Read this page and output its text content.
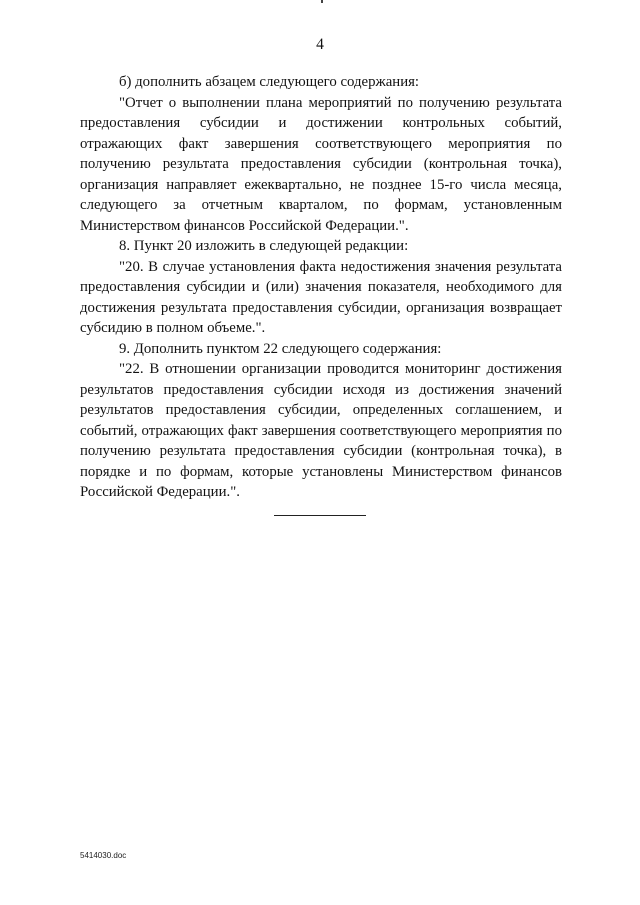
4

б) дополнить абзацем следующего содержания:

"Отчет о выполнении плана мероприятий по получению результата предоставления субсидии и достижении контрольных событий, отражающих факт завершения соответствующего мероприятия по получению результата предоставления субсидии (контрольная точка), организация направляет ежеквартально, не позднее 15-го числа месяца, следующего за отчетным кварталом, по формам, установленным Министерством финансов Российской Федерации.".

8. Пункт 20 изложить в следующей редакции:

"20. В случае установления факта недостижения значения результата предоставления субсидии и (или) значения показателя, необходимого для достижения результата предоставления субсидии, организация возвращает субсидию в полном объеме.".

9. Дополнить пунктом 22 следующего содержания:

"22. В отношении организации проводится мониторинг достижения результатов предоставления субсидии исходя из достижения значений результатов предоставления субсидии, определенных соглашением, и событий, отражающих факт завершения соответствующего мероприятия по получению результата предоставления субсидии (контрольная точка), в порядке и по формам, которые установлены Министерством финансов Российской Федерации.".

5414030.doc
